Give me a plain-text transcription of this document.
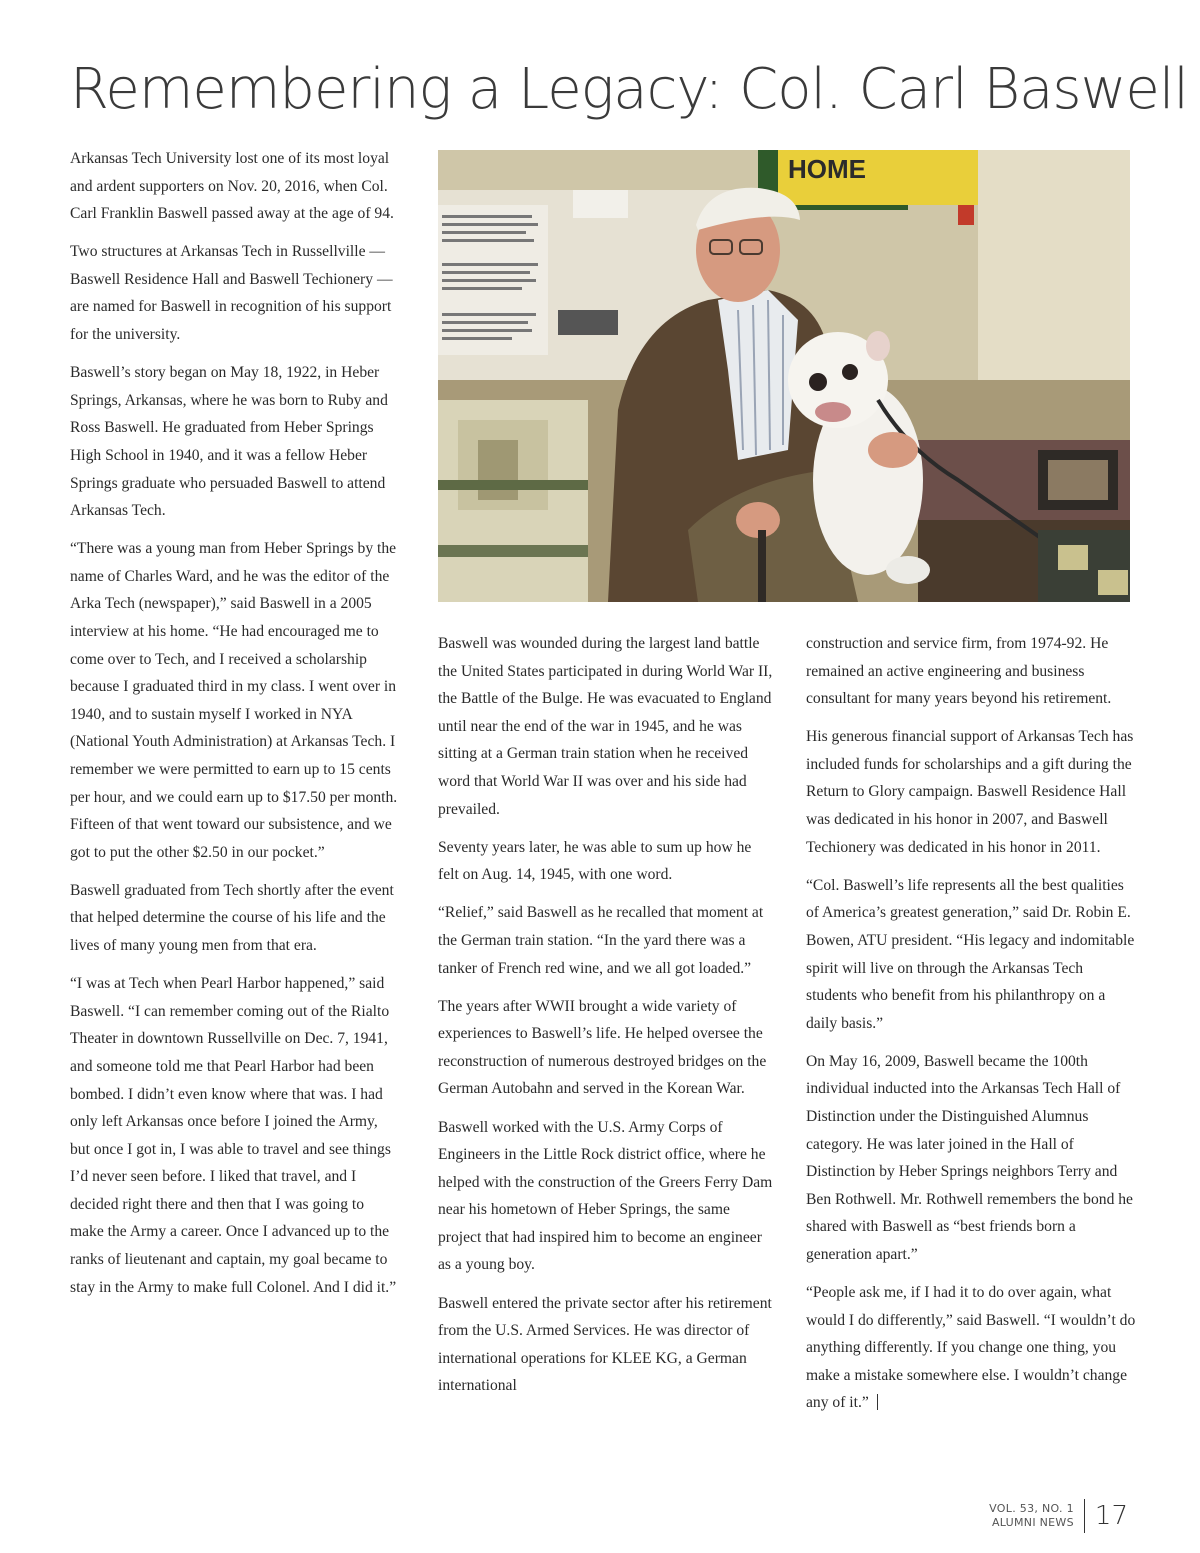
Remembering a Legacy: Col. Carl Baswell

Arkansas Tech University lost one of its most loyal and ardent supporters on Nov. 20, 2016, when Col. Carl Franklin Baswell passed away at the age of 94.

Two structures at Arkansas Tech in Russellville — Baswell Residence Hall and Baswell Techionery — are named for Baswell in recognition of his support for the university.

Baswell’s story began on May 18, 1922, in Heber Springs, Arkansas, where he was born to Ruby and Ross Baswell. He graduated from Heber Springs High School in 1940, and it was a fellow Heber Springs graduate who persuaded Baswell to attend Arkansas Tech.

“There was a young man from Heber Springs by the name of Charles Ward, and he was the editor of the Arka Tech (newspaper),” said Baswell in a 2005 interview at his home. “He had encouraged me to come over to Tech, and I received a scholarship because I graduated third in my class. I went over in 1940, and to sustain myself I worked in NYA (National Youth Administration) at Arkansas Tech. I remember we were permitted to earn up to 15 cents per hour, and we could earn up to $17.50 per month. Fifteen of that went toward our subsistence, and we got to put the other $2.50 in our pocket.”

Baswell graduated from Tech shortly after the event that helped determine the course of his life and the lives of many young men from that era.

“I was at Tech when Pearl Harbor happened,” said Baswell. “I can remember coming out of the Rialto Theater in downtown Russellville on Dec. 7, 1941, and someone told me that Pearl Harbor had been bombed. I didn’t even know where that was. I had only left Arkansas once before I joined the Army, but once I got in, I was able to travel and see things I’d never seen before. I liked that travel, and I decided right there and then that I was going to make the Army a career. Once I advanced up to the ranks of lieutenant and captain, my goal became to stay in the Army to make full Colonel. And I did it.”

HOME

Baswell was wounded during the largest land battle the United States participated in during World War II, the Battle of the Bulge. He was evacuated to England until near the end of the war in 1945, and he was sitting at a German train station when he received word that World War II was over and his side had prevailed.

Seventy years later, he was able to sum up how he felt on Aug. 14, 1945, with one word.

“Relief,” said Baswell as he recalled that moment at the German train station. “In the yard there was a tanker of French red wine, and we all got loaded.”

The years after WWII brought a wide variety of experiences to Baswell’s life. He helped oversee the reconstruction of numerous destroyed bridges on the German Autobahn and served in the Korean War.

Baswell worked with the U.S. Army Corps of Engineers in the Little Rock district office, where he helped with the construction of the Greers Ferry Dam near his hometown of Heber Springs, the same project that had inspired him to become an engineer as a young boy.

Baswell entered the private sector after his retirement from the U.S. Armed Services. He was director of international operations for KLEE KG, a German international

construction and service firm, from 1974-92. He remained an active engineering and business consultant for many years beyond his retirement.

His generous financial support of Arkansas Tech has included funds for scholarships and a gift during the Return to Glory campaign. Baswell Residence Hall was dedicated in his honor in 2007, and Baswell Techionery was dedicated in his honor in 2011.

“Col. Baswell’s life represents all the best qualities of America’s greatest generation,” said Dr. Robin E. Bowen, ATU president. “His legacy and indomitable spirit will live on through the Arkansas Tech students who benefit from his philanthropy on a daily basis.”

On May 16, 2009, Baswell became the 100th individual inducted into the Arkansas Tech Hall of Distinction under the Distinguished Alumnus category. He was later joined in the Hall of Distinction by Heber Springs neighbors Terry and Ben Rothwell. Mr. Rothwell remembers the bond he shared with Baswell as “best friends born a generation apart.”

“People ask me, if I had it to do over again, what would I do differently,” said Baswell. “I wouldn’t do anything differently. If you change one thing, you make a mistake somewhere else. I wouldn’t change any of it.”

VOL. 53, NO. 1
ALUMNI NEWS 17
